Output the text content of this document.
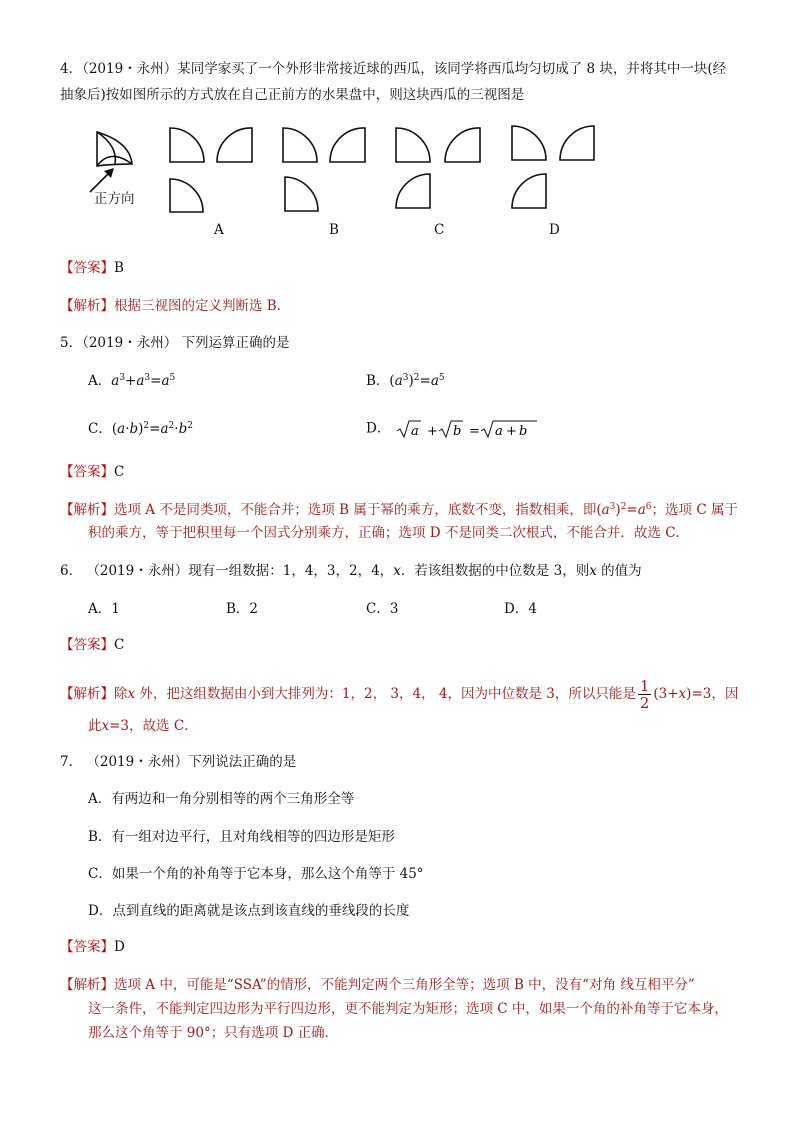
4．（2019・永州）某同学家买了一个外形非常接近球的西瓜，该同学将西瓜均匀切成了 8 块，并将其中一块(经
抽象后)按如图所示的方式放在自己正前方的水果盘中，则这块西瓜的三视图是
正方向
A	B	C	D
【答案】B
【解析】根据三视图的定义判断选 B．
5．（2019・永州） 下列运算正确的是
A．$a^3+a^3=a^5$	B．$(a^3)^2=a^5$
C．$(a\cdot b)^2=a^2\cdot b^2$	D． a + b = a + b
【答案】C
【解析】选项 A 不是同类项，不能合并；选项 B 属于幂的乘方，底数不变，指数相乘，即$(a^3)^2=a^6$；选项 C 属于
积的乘方，等于把积里每一个因式分别乘方，正确；选项 D 不是同类二次根式，不能合并．故选 C．
6． （2019・永州）现有一组数据：1，4，3，2，4，x．若该组数据的中位数是 3，则x 的值为
A．1	B．2	C．3	D．4
【答案】C
【解析】除x 外，把这组数据由小到大排列为：1，2， 3，4， 4，因为中位数是 3，所以只能是 $\frac{1}{2} (3+x)=3$，因
此x=3，故选 C．
7． （2019・永州）下列说法正确的是
A．有两边和一角分别相等的两个三角形全等
B．有一组对边平行，且对角线相等的四边形是矩形
C．如果一个角的补角等于它本身，那么这个角等于 45°
D．点到直线的距离就是该点到该直线的垂线段的长度
【答案】D
【解析】选项 A 中，可能是“SSA”的情形，不能判定两个三角形全等；选项 B 中，没有“对角 线互相平分”
这一条件，不能判定四边形为平行四边形，更不能判定为矩形；选项 C 中，如果一个角的补角等于它本身，
那么这个角等于 90°；只有选项 D 正确．
